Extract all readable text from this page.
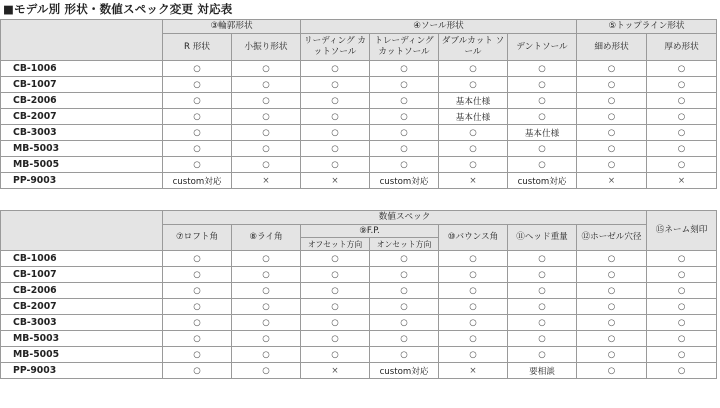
■モデル別 形状・数値スペック変更 対応表
	③輪郭形状		④ソール形状				⑤トップライン形状	
	R 形状	小振り形状	リーディング カットソール	トレーディング カットソール	ダブルカット ソール	デントソール	細め形状	厚め形状
CB-1006	○	○	○	○	○	○	○	○
CB-1007	○	○	○	○	○	○	○	○
CB-2006	○	○	○	○	基本仕様	○	○	○
CB-2007	○	○	○	○	基本仕様	○	○	○
CB-3003	○	○	○	○	○	基本仕様	○	○
MB-5003	○	○	○	○	○	○	○	○
MB-5005	○	○	○	○	○	○	○	○
PP-9003	custom対応	×	×	custom対応	×	custom対応	×	×
	数値スペック							⑮ネーム刻印
	⑦ロフト角	⑧ライ角	⑨F.P.		⑩バウンス角	⑪ヘッド重量	⑫ホーゼル穴径	
			オフセット方向	オンセット方向				
CB-1006	○	○	○	○	○	○	○	○
CB-1007	○	○	○	○	○	○	○	○
CB-2006	○	○	○	○	○	○	○	○
CB-2007	○	○	○	○	○	○	○	○
CB-3003	○	○	○	○	○	○	○	○
MB-5003	○	○	○	○	○	○	○	○
MB-5005	○	○	○	○	○	○	○	○
PP-9003	○	○	×	custom対応	×	要相談	○	○
